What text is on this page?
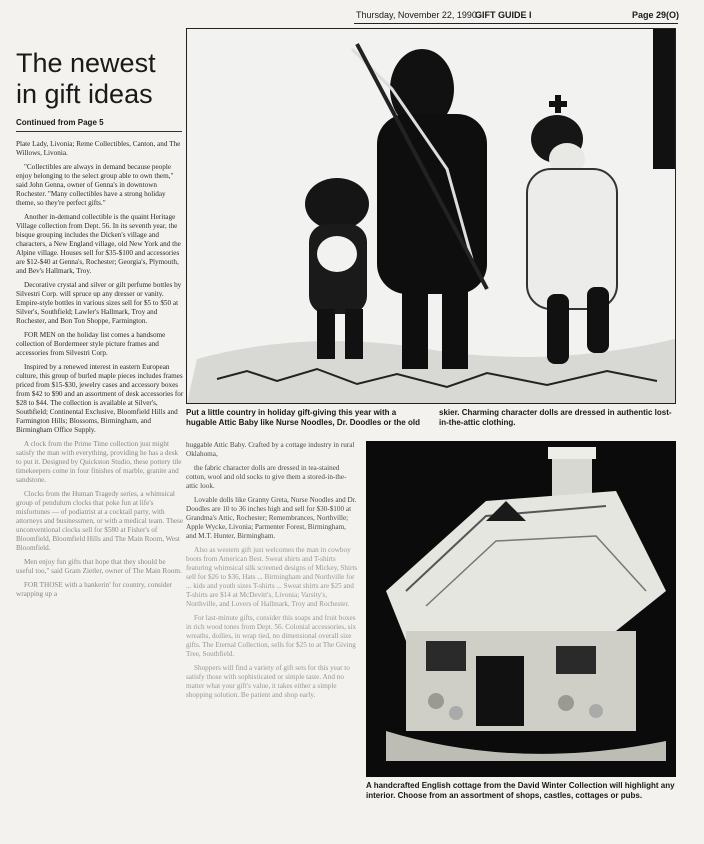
Thursday, November 22, 1990
GIFT GUIDE I	Page 29(O)
The newest
in gift ideas
Continued from Page 5

Plate Lady, Livonia; Reme Collectibles, Canton, and The Willows, Livonia.

"Collectibles are always in demand because people enjoy belonging to the select group able to own them," said John Genna, owner of Genna's in downtown Rochester. "Many collectibles have a strong holiday theme, so they're perfect gifts."

Another in-demand collectible is the quaint Heritage Village collection from Dept. 56. In its seventh year, the bisque grouping includes the Dicken's village and characters, a New England village, old New York and the Alpine village. Houses sell for $35-$100 and accessories are $12-$40 at Genna's, Rochester; Georgia's, Plymouth, and Bev's Hallmark, Troy.

Decorative crystal and silver or gilt perfume bottles by Silvestri Corp. will spruce up any dresser or vanity. Empire-style bottles in various sizes sell for $5 to $50 at Silver's, Southfield; Lawler's Hallmark, Troy and Rochester, and Bon Ton Shoppe, Farmington.

FOR MEN on the holiday list comes a handsome collection of Bordermeer style picture frames and accessories from Silvestri Corp.

Inspired by a renewed interest in eastern European culture, this group of burled maple pieces includes frames priced from $15-$30, jewelry cases and accessory boxes from $42 to $90 and an assortment of desk accessories for $28 to $44. The collection is available at Silver's, Southfield; Continental Exclusive, Bloomfield Hills and Farmington Hills; Blossoms, Birmingham, and Birmingham Office Supply.

A clock from the Prime Time collection just might satisfy the man with everything, providing he has a desk to put it. Designed by Quickston Studio, these pottery tile timekeepers come in four finishes of marble, granite and sandstone.

Clocks from the Human Tragedy series, a whimsical group of pendulum clocks that poke fun at life's misfortunes — of podiatrist at a cocktail party, with attorneys and businessmen, or with a medical team. These unconventional clocks sell for $580 at Fisher's of Bloomfield, Bloomfield Hills and The Main Room, West Bloomfield.

Men enjoy fun gifts that hope that they should be useful too," said Gram Zietler, owner of The Main Room.

FOR THOSE with a hankerin' for country, consider wrapping up a

Put a little country in holiday gift-giving this year with a hugable Attic Baby like Nurse Noodles, Dr. Doodles or the old skier. Charming character dolls are dressed in authentic lost-in-the-attic clothing.

huggable Attic Baby. Crafted by a cottage industry in rural Oklahoma,

the fabric character dolls are dressed in tea-stained cotton, wool and old socks to give them a stored-in-the-attic look.

Lovable dolls like Granny Greta, Nurse Noodles and Dr. Doodles are 10 to 36 inches high and sell for $30-$100 at Grandma's Attic, Rochester; Remembrances, Northville; Apple Wycke, Livonia; Parmenter Forest, Birmingham, and M.T. Hunter, Birmingham.

Also as western gift just welcomes the man in cowboy boots from American Best. Sweat shirts and T-shirts featuring whimsical silk screened designs of Mickey, Shirts sell for $26 to $36, Hats ... Birmingham and Northville for ... kids and youth sizes T-shirts ... Sweat shirts are $25 and T-shirts are $14 at McDevitt's, Livonia; Varsity's, Northville, and Lovers of Hallmark, Troy and Rochester.

For last-minute gifts, consider this soaps and fruit boxes in rich wood tones from Dept. 56. Colonial accessories, six wreaths, doilies, in wrap tied, no dimensional overall size gifts. The Eternal Collection, sells for $25 to at The Giving Tree, Southfield.

Shoppers will find a variety of gift sets for this year to satisfy those with sophisticated or simple taste. And no matter what your gift's value, it takes either a simple shopping solution. Be patient and shop early.

A handcrafted English cottage from the David Winter Collection will highlight any interior. Choose from an assortment of shops, castles, cottages or pubs.
